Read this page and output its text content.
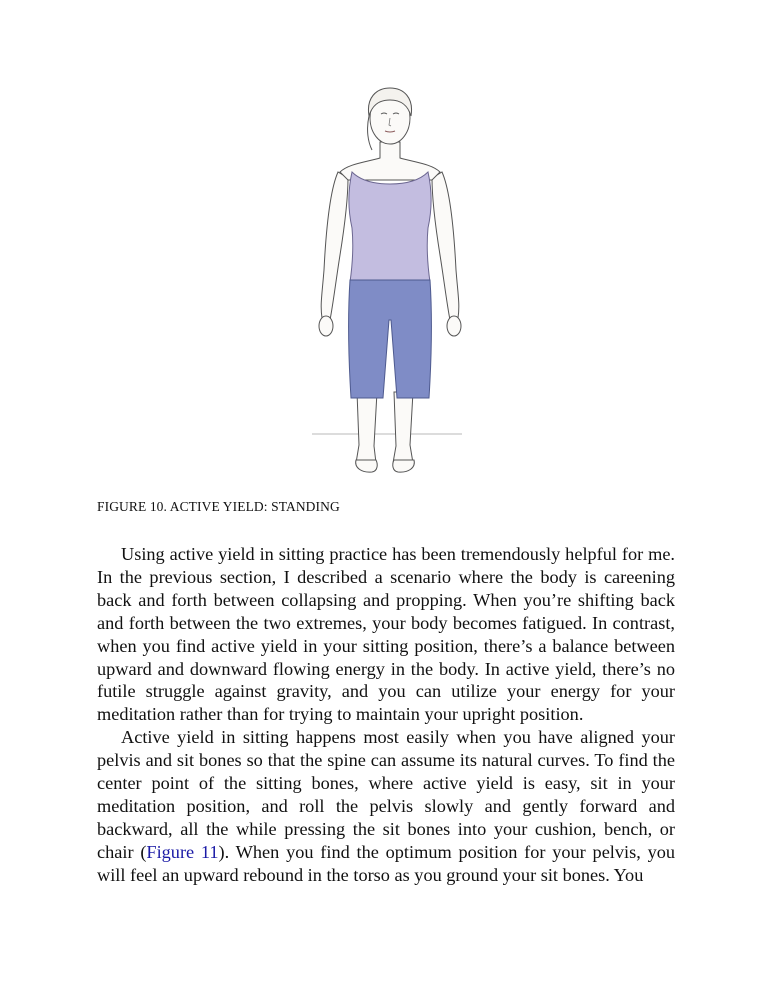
FIGURE 10. ACTIVE YIELD: STANDING

Using active yield in sitting practice has been tremendously helpful for me. In the previous section, I described a scenario where the body is careening back and forth between collapsing and propping. When you’re shifting back and forth between the two extremes, your body becomes fatigued. In contrast, when you find active yield in your sitting position, there’s a balance between upward and downward flowing energy in the body. In active yield, there’s no futile struggle against gravity, and you can utilize your energy for your meditation rather than for trying to maintain your upright position.

Active yield in sitting happens most easily when you have aligned your pelvis and sit bones so that the spine can assume its natural curves. To find the center point of the sitting bones, where active yield is easy, sit in your meditation position, and roll the pelvis slowly and gently forward and backward, all the while pressing the sit bones into your cushion, bench, or chair (Figure 11). When you find the optimum position for your pelvis, you will feel an upward rebound in the torso as you ground your sit bones. You
